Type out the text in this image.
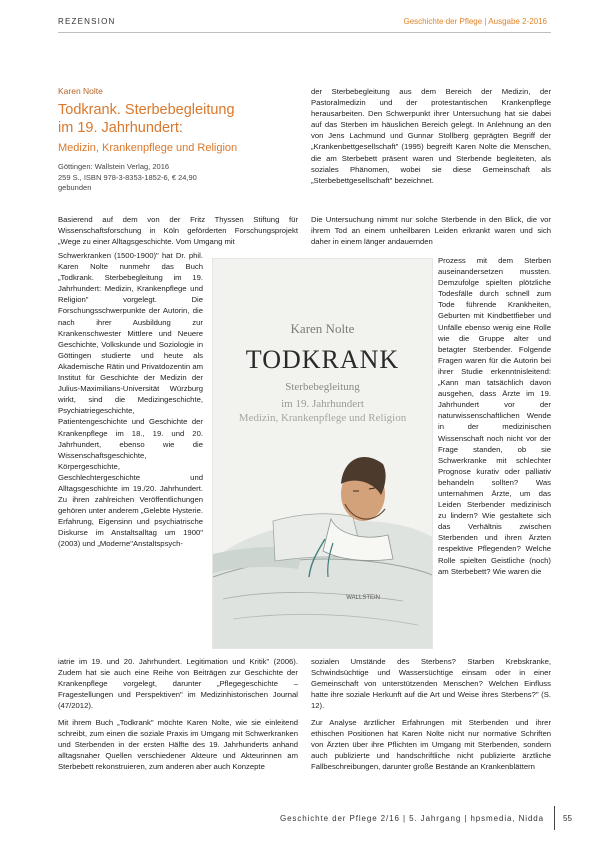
REZENSION	Geschichte der Pflege | Ausgabe 2-2016

Karen Nolte

Todkrank. Sterbebegleitung
im 19. Jahrhundert:
Medizin, Krankenpflege und Religion

Göttingen: Wallstein Verlag, 2016

259 S., ISBN 978-3-8353-1852-6, € 24,90

gebunden

Basierend auf dem von der Fritz Thyssen Stiftung für Wissenschaftsforschung in Köln geförderten Forschungsprojekt „Wege zu einer Alltagsgeschichte. Vom Umgang mit

Schwerkranken (1500-1900)" hat Dr. phil. Karen Nolte nunmehr das Buch „Todkrank. Sterbebegleitung im 19. Jahrhundert: Medizin, Krankenpflege und Religion" vorgelegt. Die Forschungsschwerpunkte der Autorin, die nach ihrer Ausbildung zur Krankenschwester Mittlere und Neuere Geschichte, Volkskunde und Soziologie in Göttingen studierte und heute als Akademische Rätin und Privatdozentin am Institut für Geschichte der Medizin der Julius-Maximilians-Universität Würzburg wirkt, sind die Medizingeschichte, Psychiatriegeschichte, Patientengeschichte und Geschichte der Krankenpflege im 18., 19. und 20. Jahrhundert, ebenso wie die Wissenschaftsgeschichte, Körpergeschichte, Geschlechtergeschichte und Alltagsgeschichte im 19./20. Jahrhundert. Zu ihren zahlreichen Veröffentlichungen gehören unter anderem „Gelebte Hysterie. Erfahrung, Eigensinn und psychiatrische Diskurse im Anstaltsalltag um 1900" (2003) und „Moderne"Anstaltspsych-

iatrie im 19. und 20. Jahrhundert. Legitimation und Kritik" (2006). Zudem hat sie auch eine Reihe von Beiträgen zur Geschichte der Krankenpflege vorgelegt, darunter „Pflegegeschichte – Fragestellungen und Perspektiven" im Medizinhistorischen Journal (47/2012).

Mit ihrem Buch „Todkrank" möchte Karen Nolte, wie sie einleitend schreibt, zum einen die soziale Praxis im Umgang mit Schwerkranken und Sterbenden in der ersten Hälfte des 19. Jahrhunderts anhand alltagsnaher Quellen verschiedener Akteure und Akteurinnen am Sterbebett rekonstruieren, zum anderen aber auch Konzepte

der Sterbebegleitung aus dem Bereich der Medizin, der Pastoralmedizin und der protestantischen Krankenpflege herausarbeiten. Den Schwerpunkt ihrer Untersuchung hat sie dabei auf das Sterben im häuslichen Bereich gelegt. In Anlehnung an den von Jens Lachmund und Gunnar Stollberg geprägten Begriff der „Krankenbettgesellschaft" (1995) begreift Karen Nolte die Menschen, die am Sterbebett präsent waren und Sterbende begleiteten, als soziales Phänomen, wobei sie diese Gemeinschaft als „Sterbebettgesellschaft" bezeichnet.

Die Untersuchung nimmt nur solche Sterbende in den Blick, die vor ihrem Tod an einem unheilbaren Leiden erkrankt waren und sich daher in einem länger andauernden

Prozess mit dem Sterben auseinandersetzen mussten. Demzufolge spielten plötzliche Todesfälle durch schnell zum Tode führende Krankheiten, Geburten mit Kindbettfieber und Unfälle ebenso wenig eine Rolle wie die Gruppe alter und betagter Sterbender. Folgende Fragen waren für die Autorin bei ihrer Studie erkenntnisleitend: „Kann man tatsächlich davon ausgehen, dass Ärzte im 19. Jahrhundert vor der naturwissenschaftlichen Wende in der medizinischen Wissenschaft noch nicht vor der Frage standen, ob sie Schwerkranke mit schlechter Prognose kurativ oder palliativ behandeln sollten? Was unternahmen Ärzte, um das Leiden Sterbender medizinisch zu lindern? Wie gestaltete sich das Verhältnis zwischen Sterbenden und ihren Ärzten respektive Pflegenden? Welche Rolle spielten Geistliche (noch) am Sterbebett? Wie waren die

sozialen Umstände des Sterbens? Starben Krebskranke, Schwindsüchtige und Wassersüchtige einsam oder in einer Gemeinschaft von unterstützenden Menschen? Welchen Einfluss hatte ihre soziale Herkunft auf die Art und Weise ihres Sterbens?" (S. 12).

Zur Analyse ärztlicher Erfahrungen mit Sterbenden und ihrer ethischen Positionen hat Karen Nolte nicht nur normative Schriften von Ärzten über ihre Pflichten im Umgang mit Sterbenden, sondern auch publizierte und handschriftliche nicht publizierte ärztliche Fallbeschreibungen, darunter große Bestände an Krankenblättern

Karen Nolte
TODKRANK
Sterbebegleitung
im 19. Jahrhundert
Medizin, Krankenpflege und Religion
WALLSTEIN
Geschichte der Pflege 2/16 | 5. Jahrgang | hpsmedia, Nidda 55
